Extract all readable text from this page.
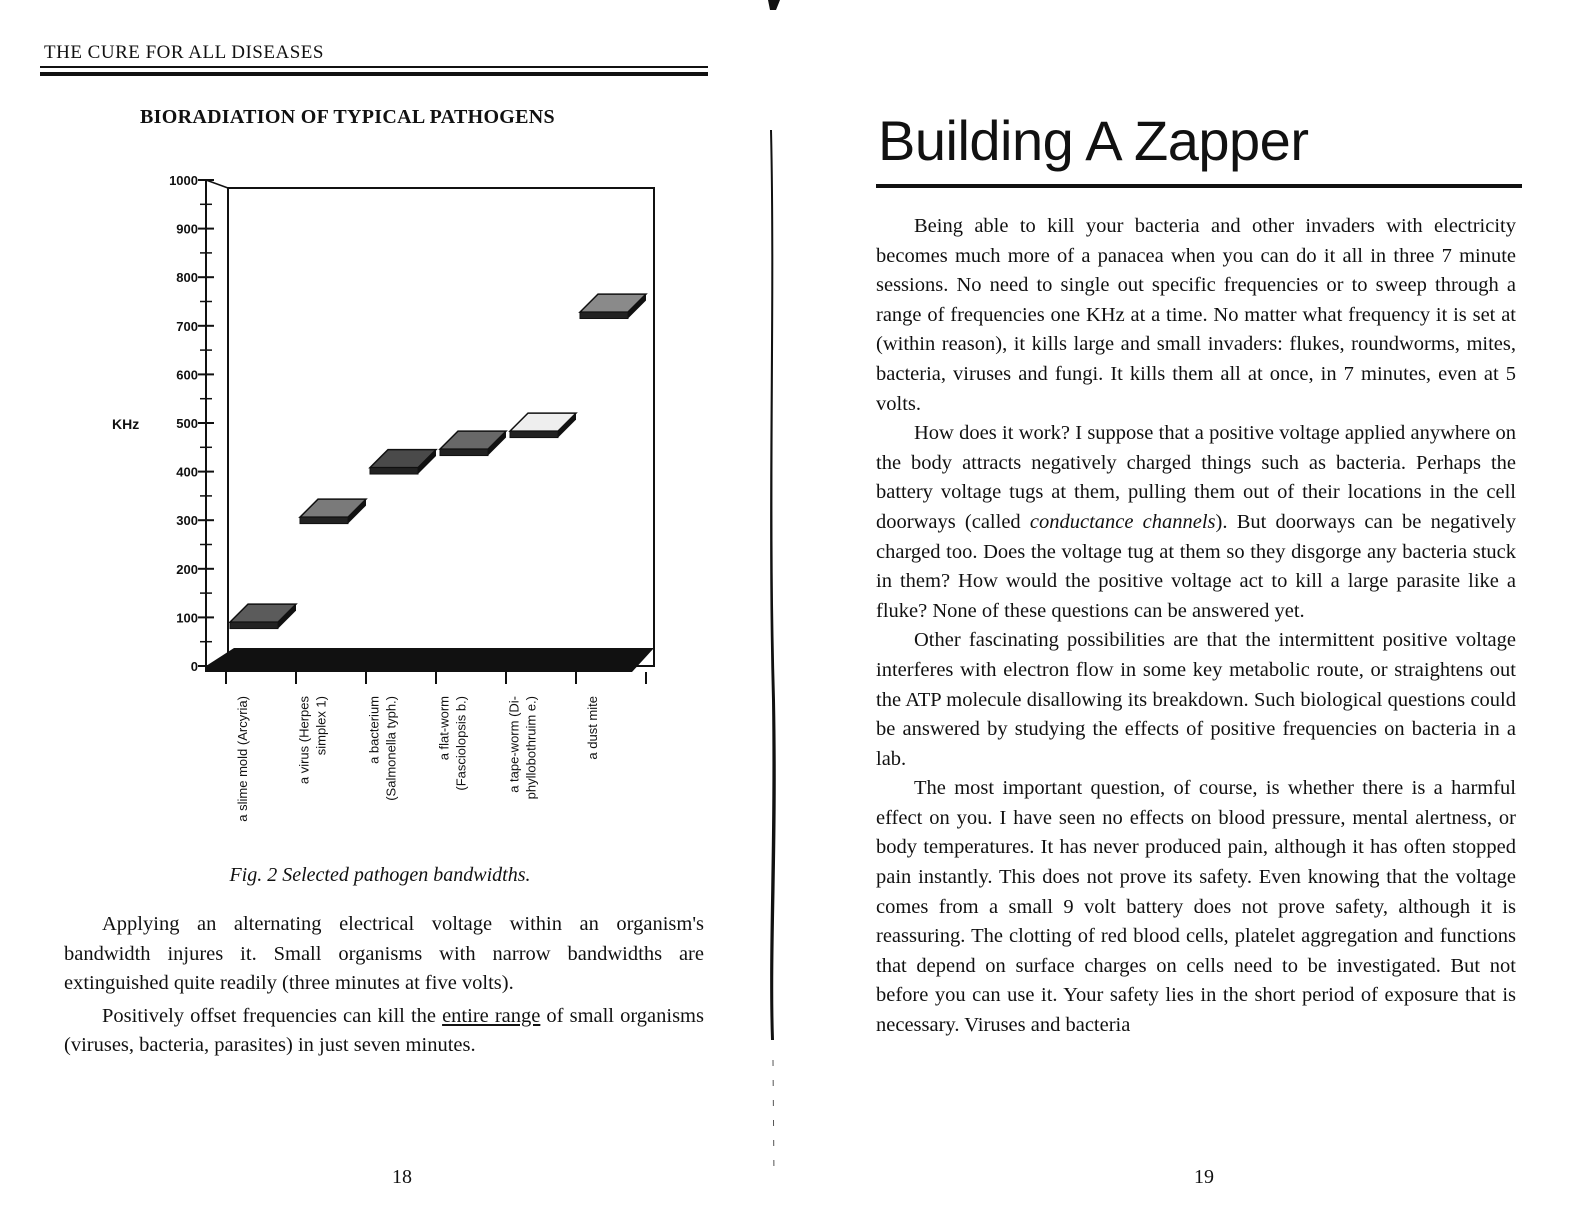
THE CURE FOR ALL DISEASES
BIORADIATION OF TYPICAL PATHOGENS
0
100
200
300
400
500
600
700
800
900
1000
KHz
a slime mold (Arcyria)	a virus (Herpes simplex 1)	a bacterium (Salmonella typh.)	a flat-worm (Fasciolopsis b.)	a tape-worm (Di- phyllobothruim e.)	a dust mite
Fig. 2 Selected pathogen bandwidths.

Applying an alternating electrical voltage within an organism's bandwidth injures it. Small organisms with narrow bandwidths are extinguished quite readily (three minutes at five volts).

Positively offset frequencies can kill the entire range of small organisms (viruses, bacteria, parasites) in just seven minutes.

18
Building A Zapper

Being able to kill your bacteria and other invaders with electricity becomes much more of a panacea when you can do it all in three 7 minute sessions. No need to single out specific frequencies or to sweep through a range of frequencies one KHz at a time. No matter what frequency it is set at (within reason), it kills large and small invaders: flukes, roundworms, mites, bacteria, viruses and fungi. It kills them all at once, in 7 minutes, even at 5 volts.

How does it work? I suppose that a positive voltage applied anywhere on the body attracts negatively charged things such as bacteria. Perhaps the battery voltage tugs at them, pulling them out of their locations in the cell doorways (called conductance channels). But doorways can be negatively charged too. Does the voltage tug at them so they disgorge any bacteria stuck in them? How would the positive voltage act to kill a large parasite like a fluke? None of these questions can be answered yet.

Other fascinating possibilities are that the intermittent positive voltage interferes with electron flow in some key metabolic route, or straightens out the ATP molecule disallowing its breakdown. Such biological questions could be answered by studying the effects of positive frequencies on bacteria in a lab.

The most important question, of course, is whether there is a harmful effect on you. I have seen no effects on blood pressure, mental alertness, or body temperatures. It has never produced pain, although it has often stopped pain instantly. This does not prove its safety. Even knowing that the voltage comes from a small 9 volt battery does not prove safety, although it is reassuring. The clotting of red blood cells, platelet aggregation and functions that depend on surface charges on cells need to be investigated. But not before you can use it. Your safety lies in the short period of exposure that is necessary. Viruses and bacteria

19
